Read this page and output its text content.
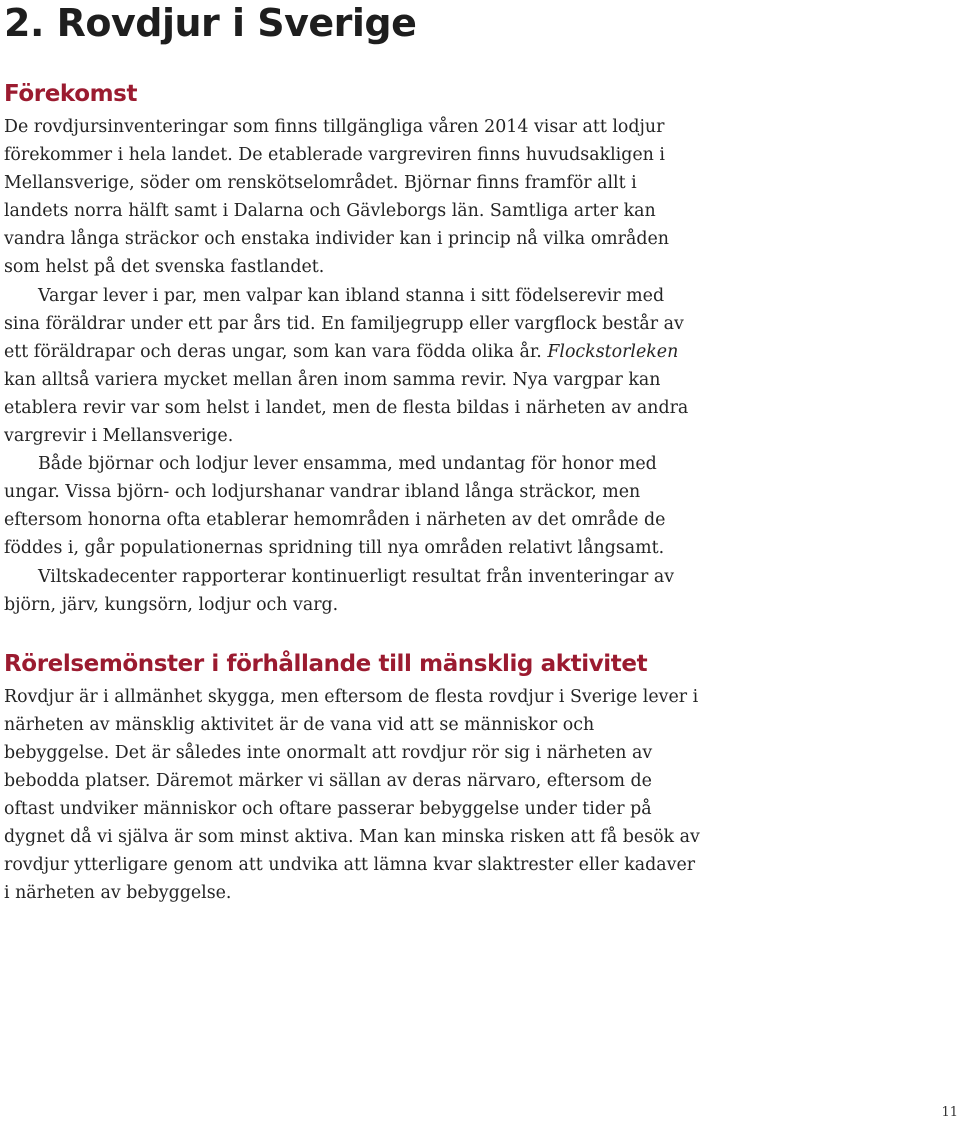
2. Rovdjur i Sverige
Förekomst

De rovdjursinventeringar som finns tillgängliga våren 2014 visar att lodjur förekommer i hela landet. De etablerade vargreviren finns huvudsakligen i Mellansverige, söder om renskötselområdet. Björnar finns framför allt i landets norra hälft samt i Dalarna och Gävleborgs län. Samtliga arter kan vandra långa sträckor och enstaka individer kan i princip nå vilka områden som helst på det svenska fastlandet.

Vargar lever i par, men valpar kan ibland stanna i sitt födelserevir med sina föräldrar under ett par års tid. En familjegrupp eller vargflock består av ett föräldrapar och deras ungar, som kan vara födda olika år. Flockstorleken kan alltså variera mycket mellan åren inom samma revir. Nya vargpar kan etablera revir var som helst i landet, men de flesta bildas i närheten av andra vargrevir i Mellansverige.

Både björnar och lodjur lever ensamma, med undantag för honor med ungar. Vissa björn- och lodjurshanar vandrar ibland långa sträckor, men eftersom honorna ofta etablerar hemområden i närheten av det område de föddes i, går populationernas spridning till nya områden relativt långsamt.

Viltskadecenter rapporterar kontinuerligt resultat från inventeringar av björn, järv, kungsörn, lodjur och varg.

Rörelsemönster i förhållande till mänsklig aktivitet

Rovdjur är i allmänhet skygga, men eftersom de flesta rovdjur i Sverige lever i närheten av mänsklig aktivitet är de vana vid att se människor och bebyggelse. Det är således inte onormalt att rovdjur rör sig i närheten av bebodda platser. Däremot märker vi sällan av deras närvaro, eftersom de oftast undviker människor och oftare passerar bebyggelse under tider på dygnet då vi själva är som minst aktiva. Man kan minska risken att få besök av rovdjur ytterligare genom att undvika att lämna kvar slaktrester eller kadaver i närheten av bebyggelse.

11
